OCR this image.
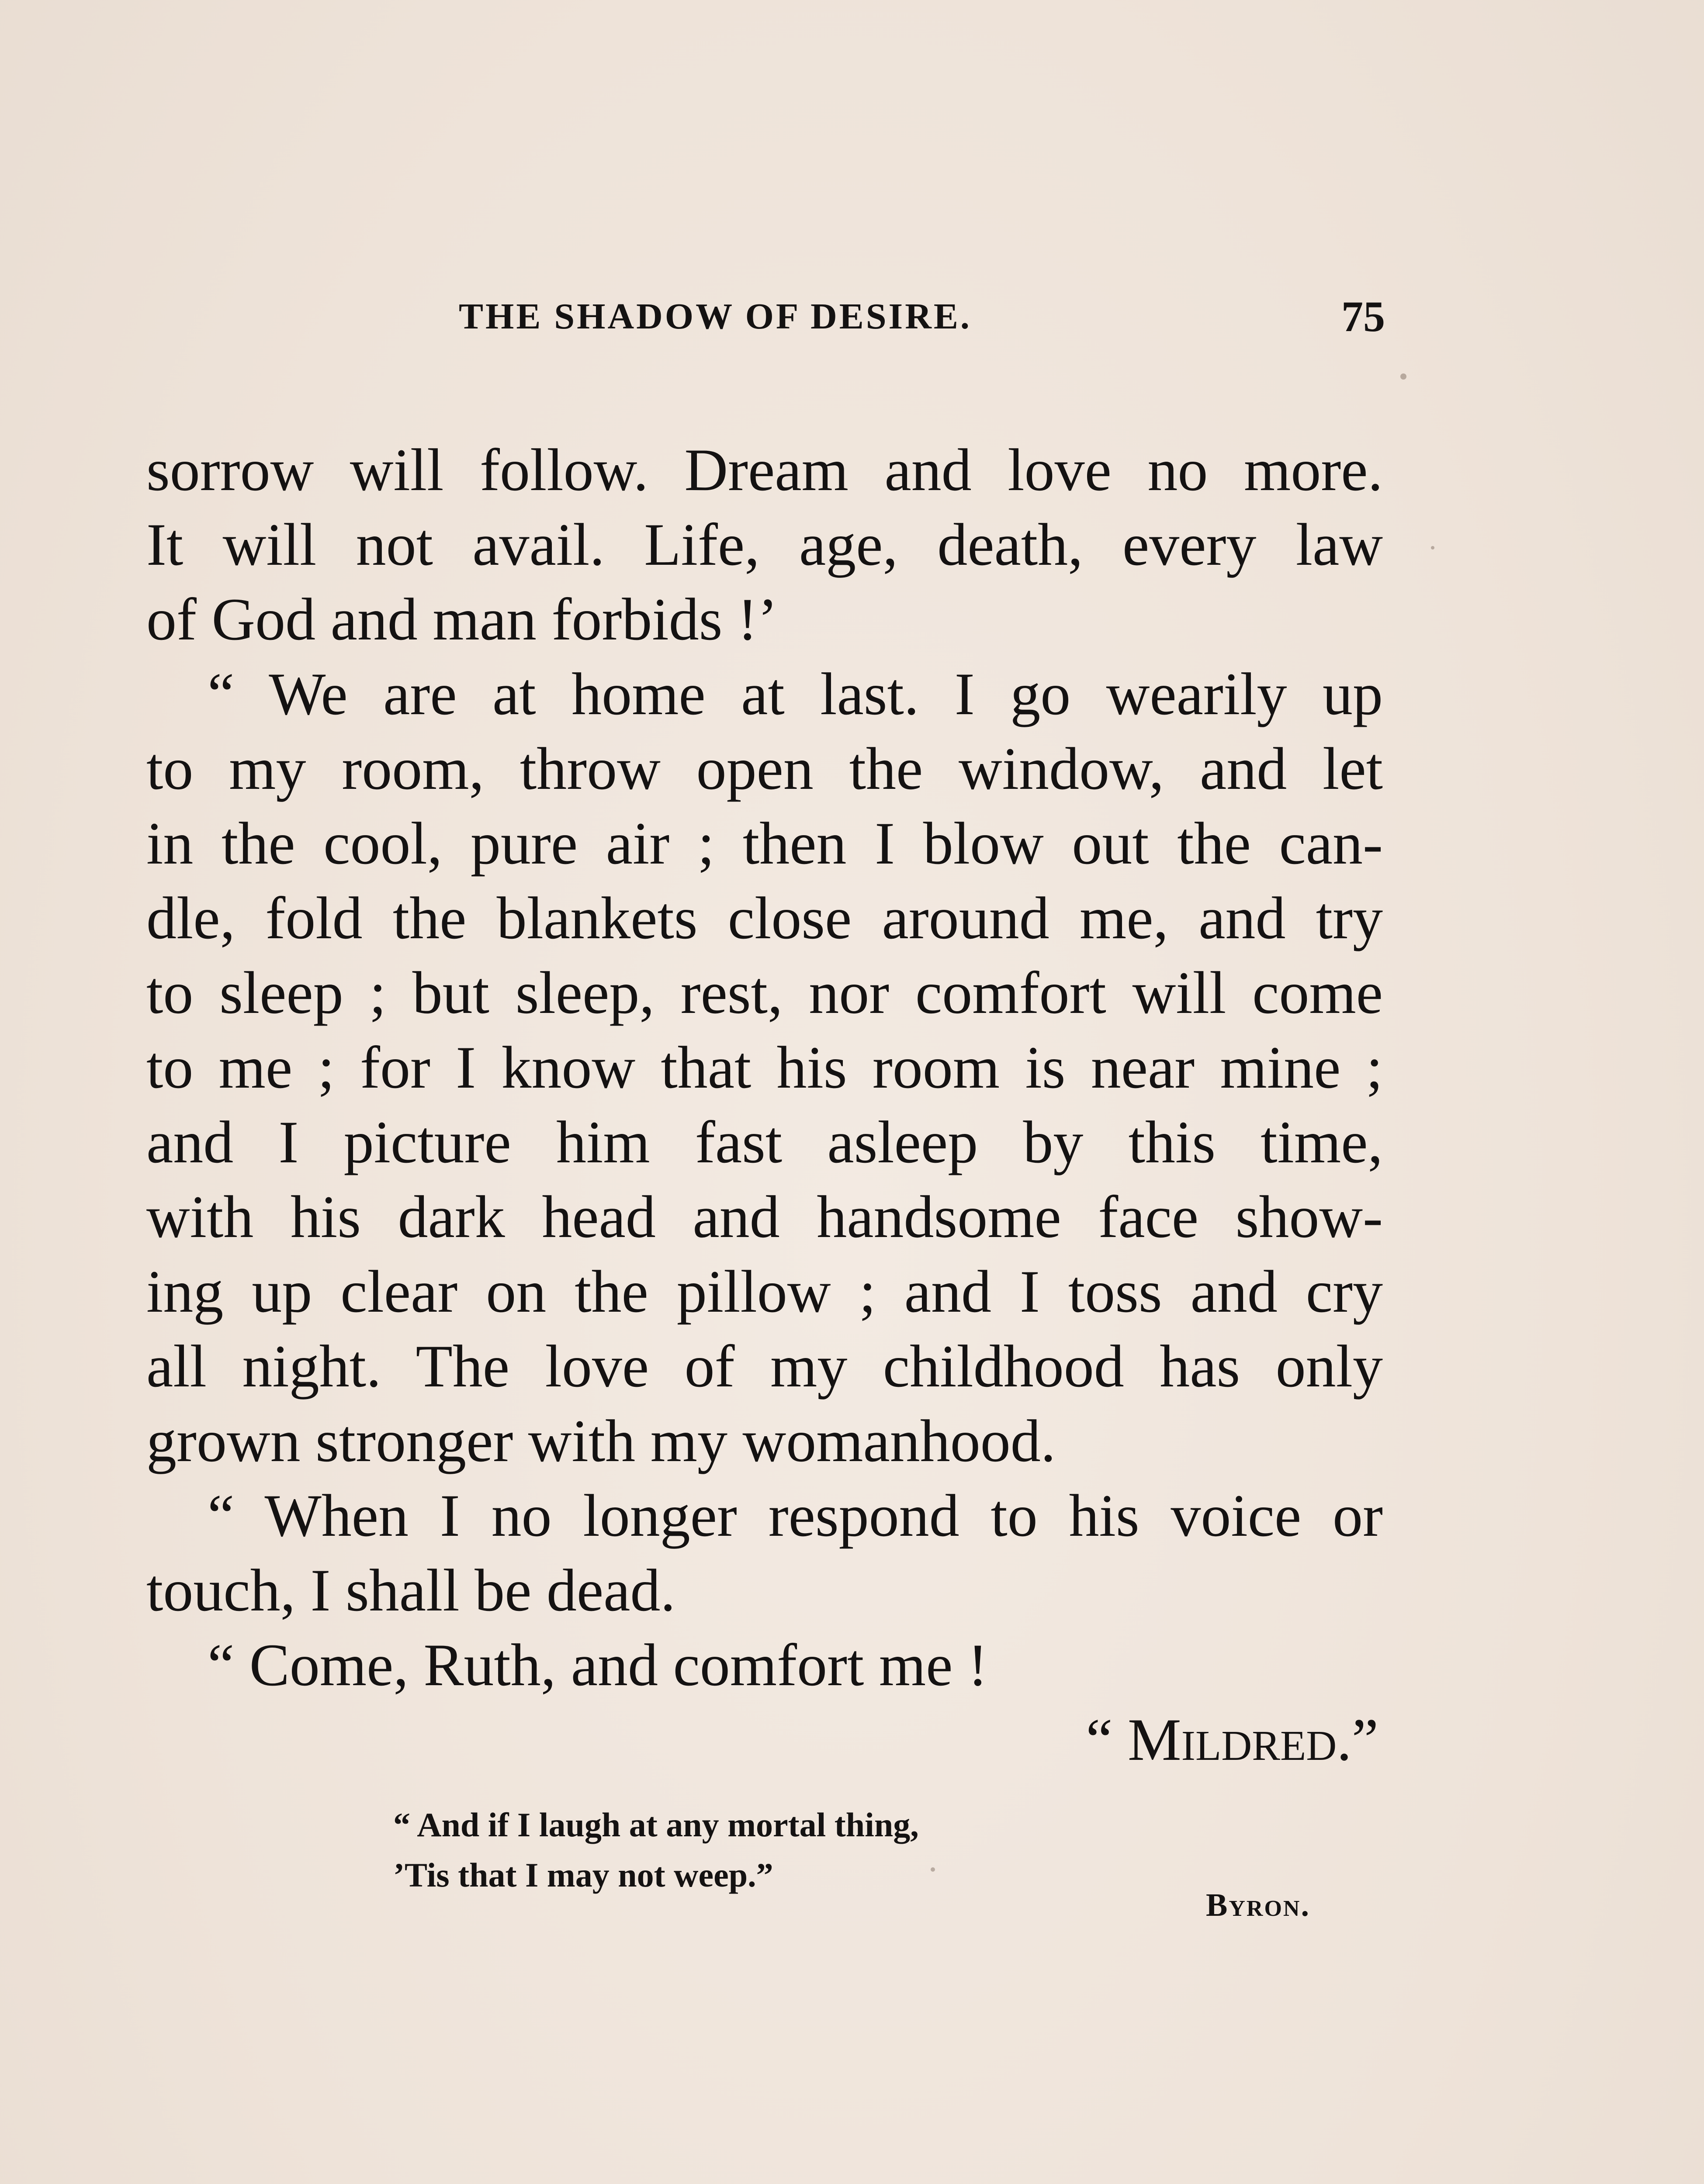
THE SHADOW OF DESIRE.	75
sorrow will follow. Dream and love no more.
It will not avail. Life, age, death, every law
of God and man forbids !’
“ We are at home at last. I go wearily up
to my room, throw open the window, and let
in the cool, pure air ; then I blow out the can-
dle, fold the blankets close around me, and try
to sleep ; but sleep, rest, nor comfort will come
to me ; for I know that his room is near mine ;
and I picture him fast asleep by this time,
with his dark head and handsome face show-
ing up clear on the pillow ; and I toss and cry
all night. The love of my childhood has only
grown stronger with my womanhood.
“ When I no longer respond to his voice or
touch, I shall be dead.
“ Come, Ruth, and comfort me !
“ Mildred.”
“ And if I laugh at any mortal thing,
’Tis that I may not weep.”
Byron.
